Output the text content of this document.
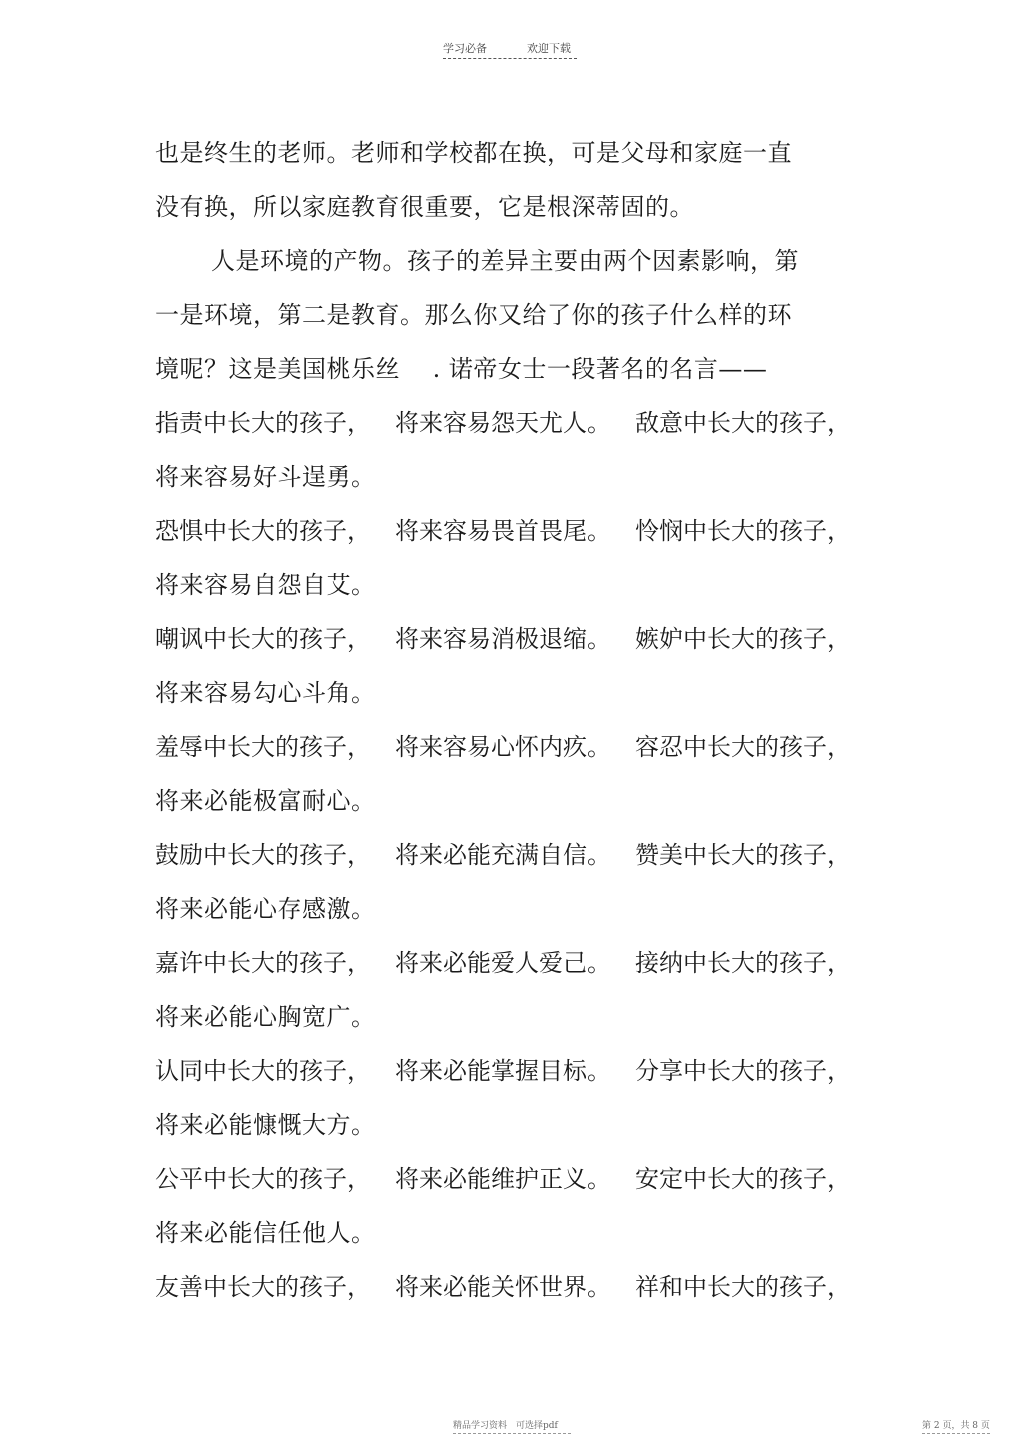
学习必备	欢迎下载
也是终生的老师。老师和学校都在换，可是父母和家庭一直
没有换，所以家庭教育很重要，它是根深蒂固的。
人是环境的产物。孩子的差异主要由两个因素影响，第
一是环境，第二是教育。那么你又给了你的孩子什么样的环
境呢？这是美国桃乐丝　 . 诺帝女士一段著名的名言——
指责中长大的孩子， 将来容易怨天尤人。 敌意中长大的孩子，
将来容易好斗逞勇。
恐惧中长大的孩子， 将来容易畏首畏尾。 怜悯中长大的孩子，
将来容易自怨自艾。
嘲讽中长大的孩子， 将来容易消极退缩。 嫉妒中长大的孩子，
将来容易勾心斗角。
羞辱中长大的孩子， 将来容易心怀内疚。 容忍中长大的孩子，
将来必能极富耐心。
鼓励中长大的孩子， 将来必能充满自信。 赞美中长大的孩子，
将来必能心存感激。
嘉许中长大的孩子， 将来必能爱人爱己。 接纳中长大的孩子，
将来必能心胸宽广。
认同中长大的孩子， 将来必能掌握目标。 分享中长大的孩子，
将来必能慷慨大方。
公平中长大的孩子， 将来必能维护正义。 安定中长大的孩子，
将来必能信任他人。
友善中长大的孩子， 将来必能关怀世界。 祥和中长大的孩子，
精品学习资料　可选择pdf	第 2 页，共 8 页
